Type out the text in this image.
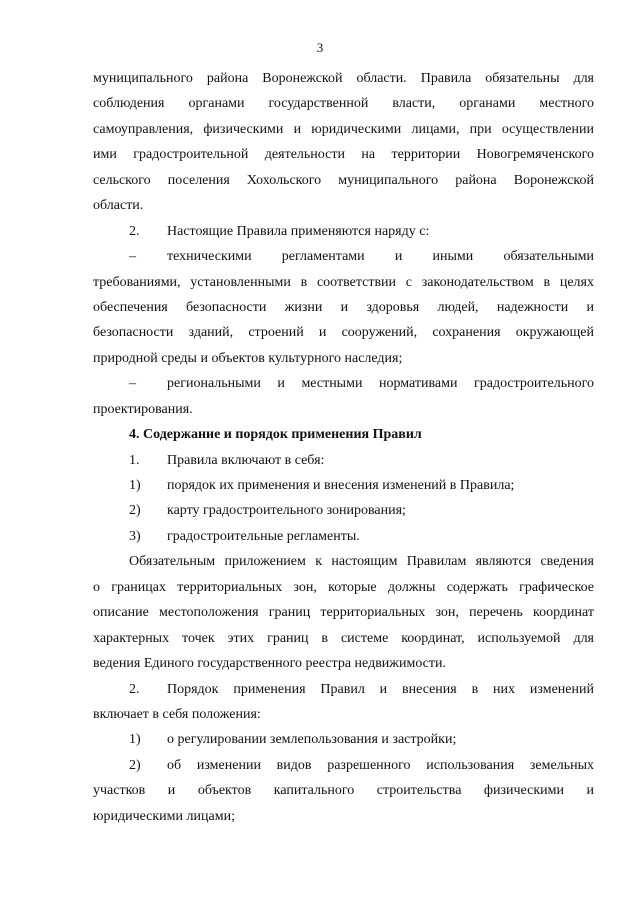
3
муниципального района Воронежской области. Правила обязательны для
соблюдения органами государственной власти, органами местного
самоуправления, физическими и юридическими лицами, при осуществлении
ими градостроительной деятельности на территории Новогремяченского
сельского поселения Хохольского муниципального района Воронежской
области.
2. Настоящие Правила применяются наряду с:
– техническими регламентами и иными обязательными
требованиями, установленными в соответствии с законодательством в целях
обеспечения безопасности жизни и здоровья людей, надежности и
безопасности зданий, строений и сооружений, сохранения окружающей
природной среды и объектов культурного наследия;
– региональными и местными нормативами градостроительного
проектирования.
4. Содержание и порядок применения Правил
1. Правила включают в себя:
1) порядок их применения и внесения изменений в Правила;
2) карту градостроительного зонирования;
3) градостроительные регламенты.
Обязательным приложением к настоящим Правилам являются сведения
о границах территориальных зон, которые должны содержать графическое
описание местоположения границ территориальных зон, перечень координат
характерных точек этих границ в системе координат, используемой для
ведения Единого государственного реестра недвижимости.
2. Порядок применения Правил и внесения в них изменений
включает в себя положения:
1) о регулировании землепользования и застройки;
2) об изменении видов разрешенного использования земельных
участков и объектов капитального строительства физическими и
юридическими лицами;
